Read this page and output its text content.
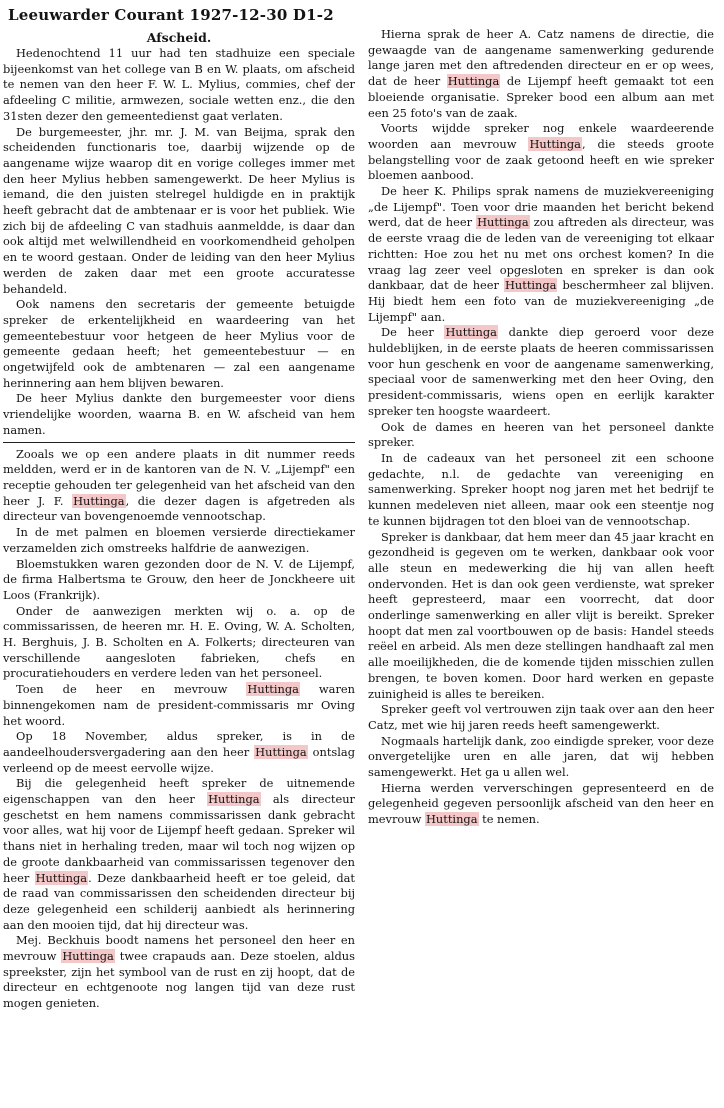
Leeuwarder Courant 1927-12-30 D1-2
Afscheid.

Hedenochtend 11 uur had ten stadhuize een speciale bijeenkomst van het college van B en W. plaats, om afscheid te nemen van den heer F. W. L. Mylius, commies, chef der afdeeling C militie, armwezen, sociale wetten enz., die den 31sten dezer den gemeentedienst gaat verlaten.

De burgemeester, jhr. mr. J. M. van Beijma, sprak den scheidenden functionaris toe, daarbij wijzende op de aangename wijze waarop dit en vorige colleges immer met den heer Mylius hebben samengewerkt. De heer Mylius is iemand, die den juisten stelregel huldigde en in praktijk heeft gebracht dat de ambtenaar er is voor het publiek. Wie zich bij de afdeeling C van stadhuis aanmeldde, is daar dan ook altijd met welwillendheid en voorkomendheid geholpen en te woord gestaan. Onder de leiding van den heer Mylius werden de zaken daar met een groote accuratesse behandeld.

Ook namens den secretaris der gemeente betuigde spreker de erkentelijkheid en waardeering van het gemeentebestuur voor hetgeen de heer Mylius voor de gemeente gedaan heeft; het gemeentebestuur — en ongetwijfeld ook de ambtenaren — zal een aangename herinnering aan hem blijven bewaren.

De heer Mylius dankte den burgemeester voor diens vriendelijke woorden, waarna B. en W. afscheid van hem namen.

Zooals we op een andere plaats in dit nummer reeds meldden, werd er in de kantoren van de N. V. „Lijempf" een receptie gehouden ter gelegenheid van het afscheid van den heer J. F. Huttinga, die dezer dagen is afgetreden als directeur van bovengenoemde vennootschap.

In de met palmen en bloemen versierde directiekamer verzamelden zich omstreeks halfdrie de aanwezigen.

Bloemstukken waren gezonden door de N. V. de Lijempf, de firma Halbertsma te Grouw, den heer de Jonckheere uit Loos (Frankrijk).

Onder de aanwezigen merkten wij o. a. op de commissarissen, de heeren mr. H. E. Oving, W. A. Scholten, H. Berghuis, J. B. Scholten en A. Folkerts; directeuren van verschillende aangesloten fabrieken, chefs en procuratiehouders en verdere leden van het personeel.

Toen de heer en mevrouw Huttinga waren binnengekomen nam de president-commissaris mr Oving het woord.

Op 18 November, aldus spreker, is in de aandeelhoudersvergadering aan den heer Huttinga ontslag verleend op de meest eervolle wijze.

Bij die gelegenheid heeft spreker de uitnemende eigenschappen van den heer Huttinga als directeur geschetst en hem namens commissarissen dank gebracht voor alles, wat hij voor de Lijempf heeft gedaan. Spreker wil thans niet in herhaling treden, maar wil toch nog wijzen op de groote dankbaarheid van commissarissen tegenover den heer Huttinga. Deze dankbaarheid heeft er toe geleid, dat de raad van commissarissen den scheidenden directeur bij deze gelegenheid een schilderij aanbiedt als herinnering aan den mooien tijd, dat hij directeur was.

Mej. Beckhuis boodt namens het personeel den heer en mevrouw Huttinga twee crapauds aan. Deze stoelen, aldus spreekster, zijn het symbool van de rust en zij hoopt, dat de directeur en echtgenoote nog langen tijd van deze rust mogen genieten.

Hierna sprak de heer A. Catz namens de directie, die gewaagde van de aangename samenwerking gedurende lange jaren met den aftredenden directeur en er op wees, dat de heer Huttinga de Lijempf heeft gemaakt tot een bloeiende organisatie. Spreker bood een album aan met een 25 foto's van de zaak.

Voorts wijdde spreker nog enkele waardeerende woorden aan mevrouw Huttinga, die steeds groote belangstelling voor de zaak getoond heeft en wie spreker bloemen aanbood.

De heer K. Philips sprak namens de muziekvereeniging „de Lijempf". Toen voor drie maanden het bericht bekend werd, dat de heer Huttinga zou aftreden als directeur, was de eerste vraag die de leden van de vereeniging tot elkaar richtten: Hoe zou het nu met ons orchest komen? In die vraag lag zeer veel opgesloten en spreker is dan ook dankbaar, dat de heer Huttinga beschermheer zal blijven. Hij biedt hem een foto van de muziekvereeniging „de Lijempf" aan.

De heer Huttinga dankte diep geroerd voor deze huldeblijken, in de eerste plaats de heeren commissarissen voor hun geschenk en voor de aangename samenwerking, speciaal voor de samenwerking met den heer Oving, den president-commissaris, wiens open en eerlijk karakter spreker ten hoogste waardeert.

Ook de dames en heeren van het personeel dankte spreker.

In de cadeaux van het personeel zit een schoone gedachte, n.l. de gedachte van vereeniging en samenwerking. Spreker hoopt nog jaren met het bedrijf te kunnen medeleven niet alleen, maar ook een steentje nog te kunnen bijdragen tot den bloei van de vennootschap.

Spreker is dankbaar, dat hem meer dan 45 jaar kracht en gezondheid is gegeven om te werken, dankbaar ook voor alle steun en medewerking die hij van allen heeft ondervonden. Het is dan ook geen verdienste, wat spreker heeft gepresteerd, maar een voorrecht, dat door onderlinge samenwerking en aller vlijt is bereikt. Spreker hoopt dat men zal voortbouwen op de basis: Handel steeds reëel en arbeid. Als men deze stellingen handhaaft zal men alle moeilijkheden, die de komende tijden misschien zullen brengen, te boven komen. Door hard werken en gepaste zuinigheid is alles te bereiken.

Spreker geeft vol vertrouwen zijn taak over aan den heer Catz, met wie hij jaren reeds heeft samengewerkt.

Nogmaals hartelijk dank, zoo eindigde spreker, voor deze onvergetelijke uren en alle jaren, dat wij hebben samengewerkt. Het ga u allen wel.

Hierna werden ververschingen gepresenteerd en de gelegenheid gegeven persoonlijk afscheid van den heer en mevrouw Huttinga te nemen.
